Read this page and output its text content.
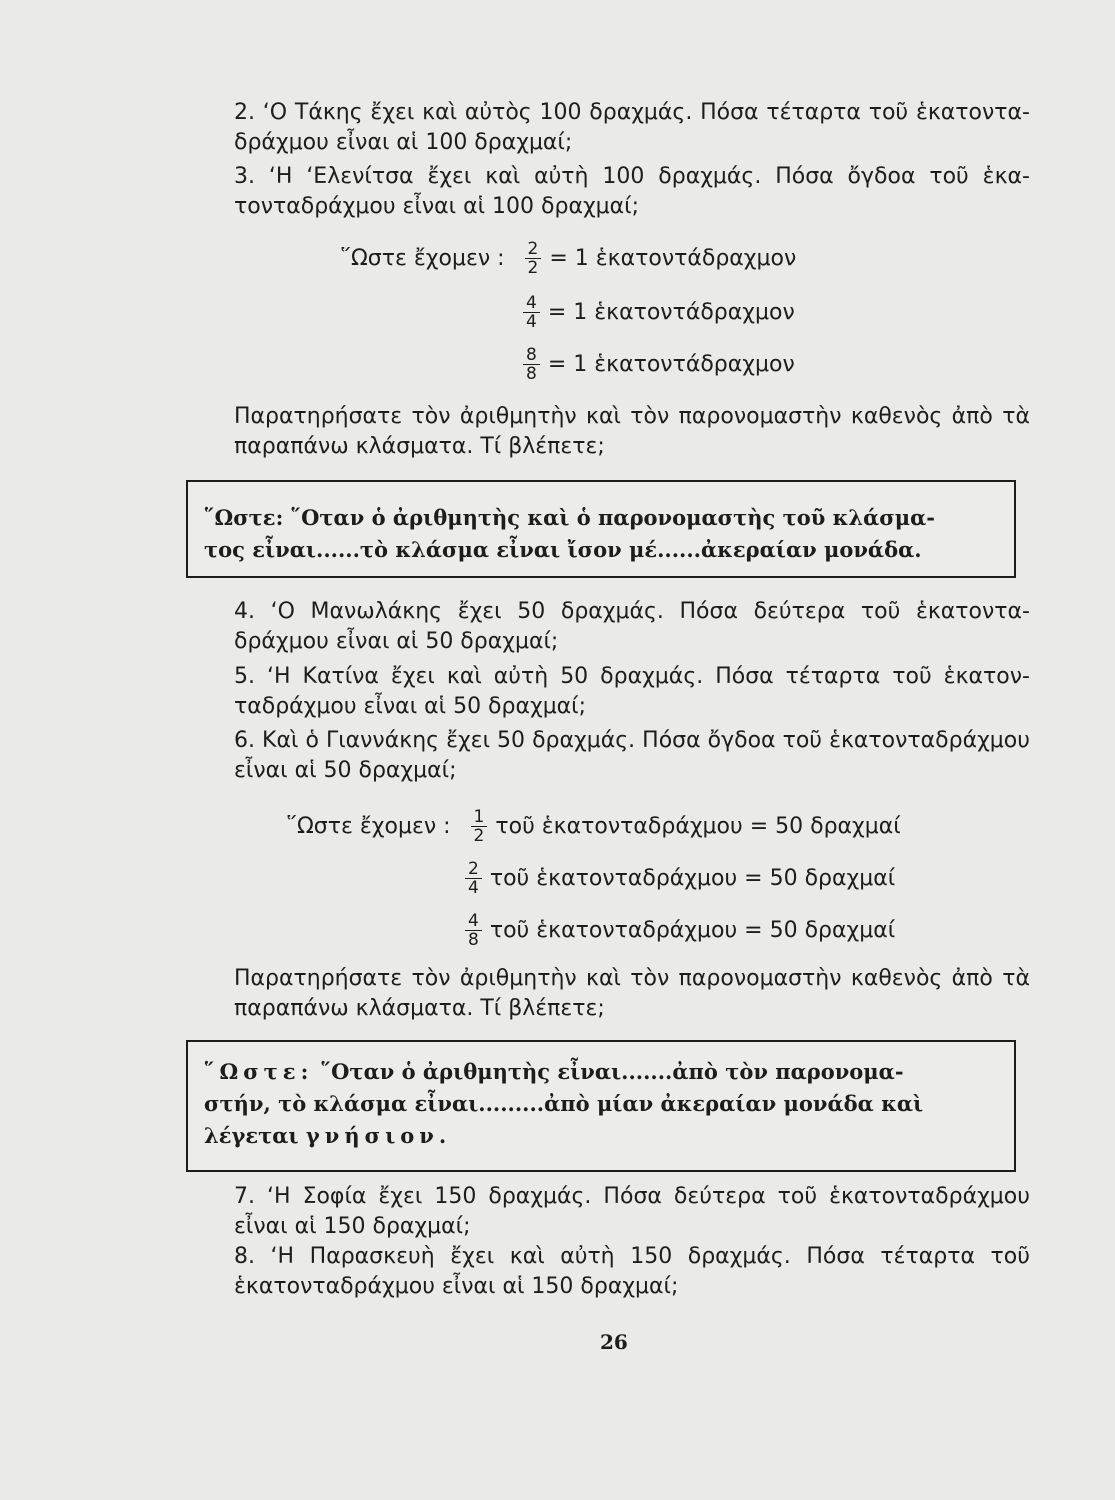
2. ‘Ο Τάκης ἔχει καὶ αὐτὸς 100 δραχμάς. Πόσα τέταρτα τοῦ ἑκατονταδράχμου εἶναι αἱ 100 δραχμαί;
3. ‘Η ‘Ελενίτσα ἔχει καὶ αὐτὴ 100 δραχμάς. Πόσα ὄγδοα τοῦ ἑκατονταδράχμου εἶναι αἱ 100 δραχμαί;
῞Ωστε ἔχομεν : $\frac{2}{2} = 1$ ἑκατοντάδραχμον
$\frac{4}{4} = 1$ ἑκατοντάδραχμον
$\frac{8}{8} = 1$ ἑκατοντάδραχμον
Παρατηρήσατε τὸν ἀριθμητὴν καὶ τὸν παρονομαστὴν καθενὸς ἀπὸ τὰ παραπάνω κλάσματα. Τί βλέπετε;
῞Ωστε: ῞Οταν ὁ ἀριθμητὴς καὶ ὁ παρονομαστὴς τοῦ κλάσμα-
τος εἶναι......τὸ κλάσμα εἶναι ἴσον μέ......ἀκεραίαν μονάδα.
4. ‘Ο Μανωλάκης ἔχει 50 δραχμάς. Πόσα δεύτερα τοῦ ἑκατονταδράχμου εἶναι αἱ 50 δραχμαί;
5. ‘Η Κατίνα ἔχει καὶ αὐτὴ 50 δραχμάς. Πόσα τέταρτα τοῦ ἑκατονταδράχμου εἶναι αἱ 50 δραχμαί;
6. Καὶ ὁ Γιαννάκης ἔχει 50 δραχμάς. Πόσα ὄγδοα τοῦ ἑκατονταδράχμου εἶναι αἱ 50 δραχμαί;
῞Ωστε ἔχομεν : $\frac{1}{2}$ τοῦ ἑκατονταδράχμου = 50 δραχμαί
$\frac{2}{4}$ τοῦ ἑκατονταδράχμου = 50 δραχμαί
$\frac{4}{8}$ τοῦ ἑκατονταδράχμου = 50 δραχμαί
Παρατηρήσατε τὸν ἀριθμητὴν καὶ τὸν παρονομαστὴν καθενὸς ἀπὸ τὰ παραπάνω κλάσματα. Τί βλέπετε;
῞Ωστε: ῞Οταν ὁ ἀριθμητὴς εἶναι.......ἀπὸ τὸν παρονομα-
στήν, τὸ κλάσμα εἶναι.........ἀπὸ μίαν ἀκεραίαν μονάδα καὶ
λέγεται γνήσιον.
7. ‘Η Σοφία ἔχει 150 δραχμάς. Πόσα δεύτερα τοῦ ἑκατονταδράχμου εἶναι αἱ 150 δραχμαί;
8. ‘Η Παρασκευὴ ἔχει καὶ αὐτὴ 150 δραχμάς. Πόσα τέταρτα τοῦ ἑκατονταδράχμου εἶναι αἱ 150 δραχμαί;
26
